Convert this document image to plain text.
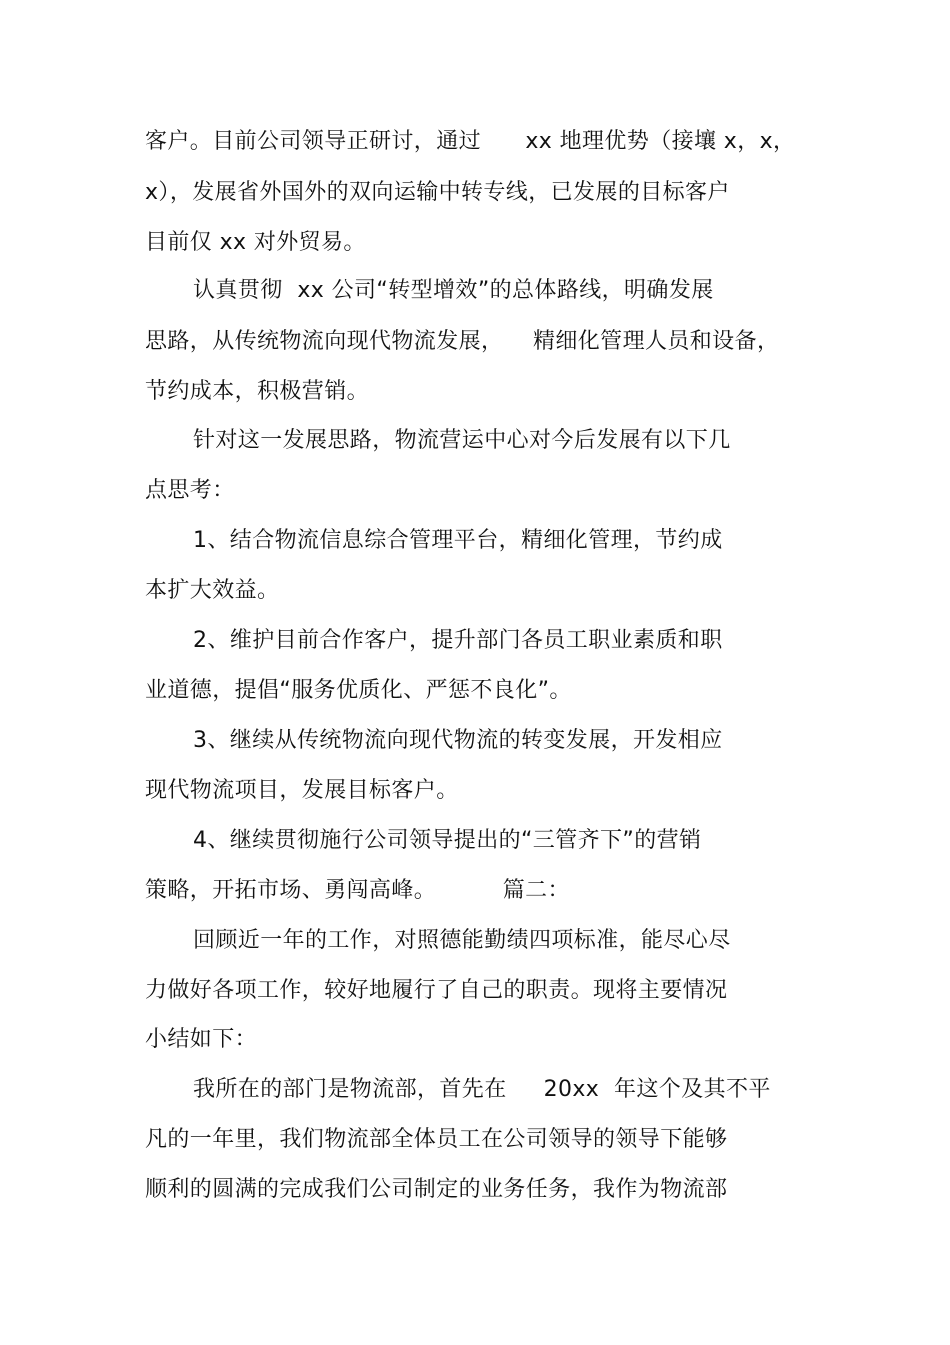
客户。目前公司领导正研讨，通过      xx 地理优势（接壤 x，x，
x），发展省外国外的双向运输中转专线，已发展的目标客户
目前仅 xx 对外贸易。
认真贯彻  xx 公司“转型增效”的总体路线，明确发展
思路，从传统物流向现代物流发展，    精细化管理人员和设备，
节约成本，积极营销。
针对这一发展思路，物流营运中心对今后发展有以下几
点思考：
1、结合物流信息综合管理平台，精细化管理，节约成
本扩大效益。
2、维护目前合作客户，提升部门各员工职业素质和职
业道德，提倡“服务优质化、严惩不良化”。
3、继续从传统物流向现代物流的转变发展，开发相应
现代物流项目，发展目标客户。
4、继续贯彻施行公司领导提出的“三管齐下”的营销
策略，开拓市场、勇闯高峰。         篇二：
回顾近一年的工作，对照德能勤绩四项标准，能尽心尽
力做好各项工作，较好地履行了自己的职责。现将主要情况
小结如下：
我所在的部门是物流部，首先在     20xx  年这个及其不平
凡的一年里，我们物流部全体员工在公司领导的领导下能够
顺利的圆满的完成我们公司制定的业务任务，我作为物流部
